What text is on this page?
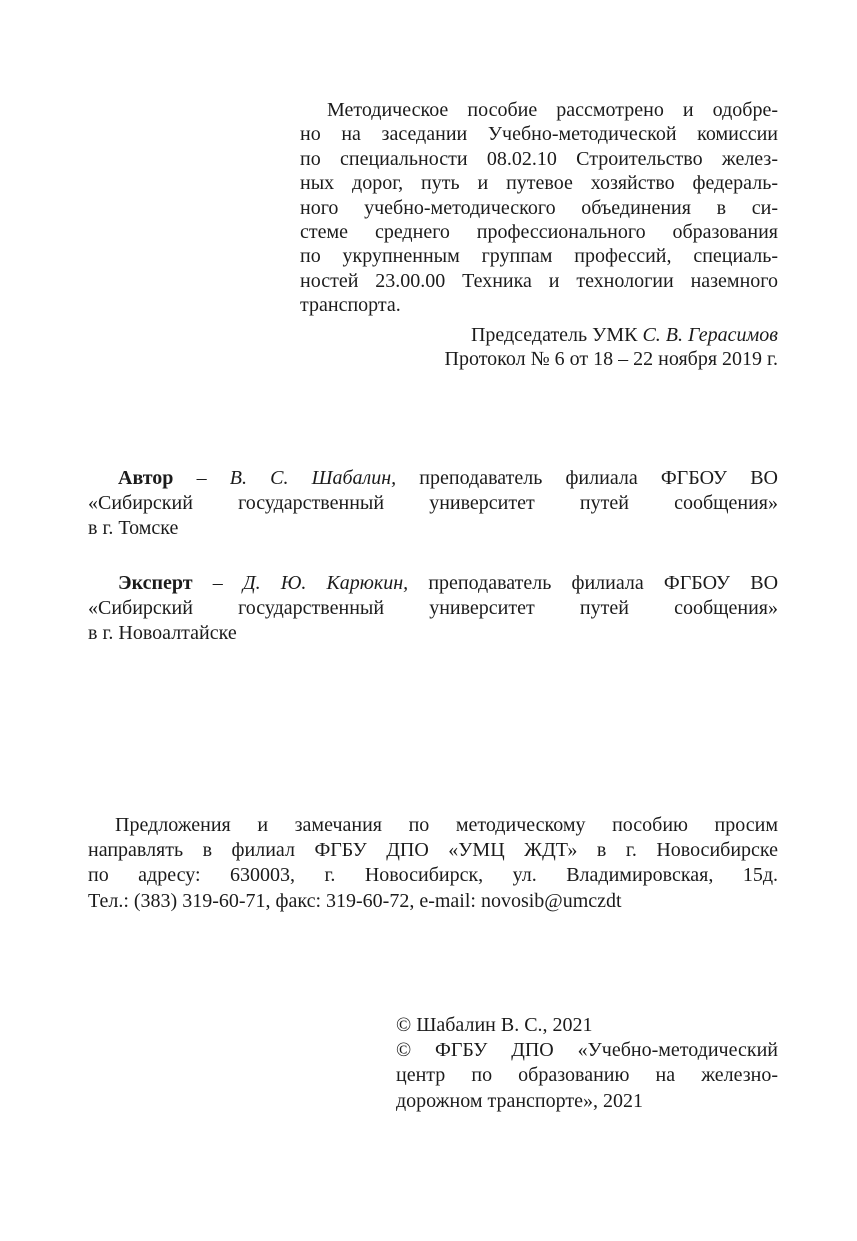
Методическое пособие рассмотрено и одобре-
но на заседании Учебно-методической комиссии
по специальности 08.02.10 Строительство желез-
ных дорог, путь и путевое хозяйство федераль-
ного учебно-методического объединения в си-
стеме среднего профессионального образования
по укрупненным группам профессий, специаль-
ностей 23.00.00 Техника и технологии наземного
транспорта.
Председатель УМК С. В. Герасимов
Протокол № 6 от 18 – 22 ноября 2019 г.
Автор – В. С. Шабалин, преподаватель филиала ФГБОУ ВО
«Сибирский государственный университет путей сообщения»
в г. Томске
Эксперт – Д. Ю. Карюкин, преподаватель филиала ФГБОУ ВО
«Сибирский государственный университет путей сообщения»
в г. Новоалтайске
Предложения и замечания по методическому пособию просим
направлять в филиал ФГБУ ДПО «УМЦ ЖДТ» в г. Новосибирске
по адресу: 630003, г. Новосибирск, ул. Владимировская, 15д.
Тел.: (383) 319-60-71, факс: 319-60-72, e-mail: novosib@umczdt
© Шабалин В. С., 2021
© ФГБУ ДПО «Учебно-методический
центр по образованию на железно-
дорожном транспорте», 2021
